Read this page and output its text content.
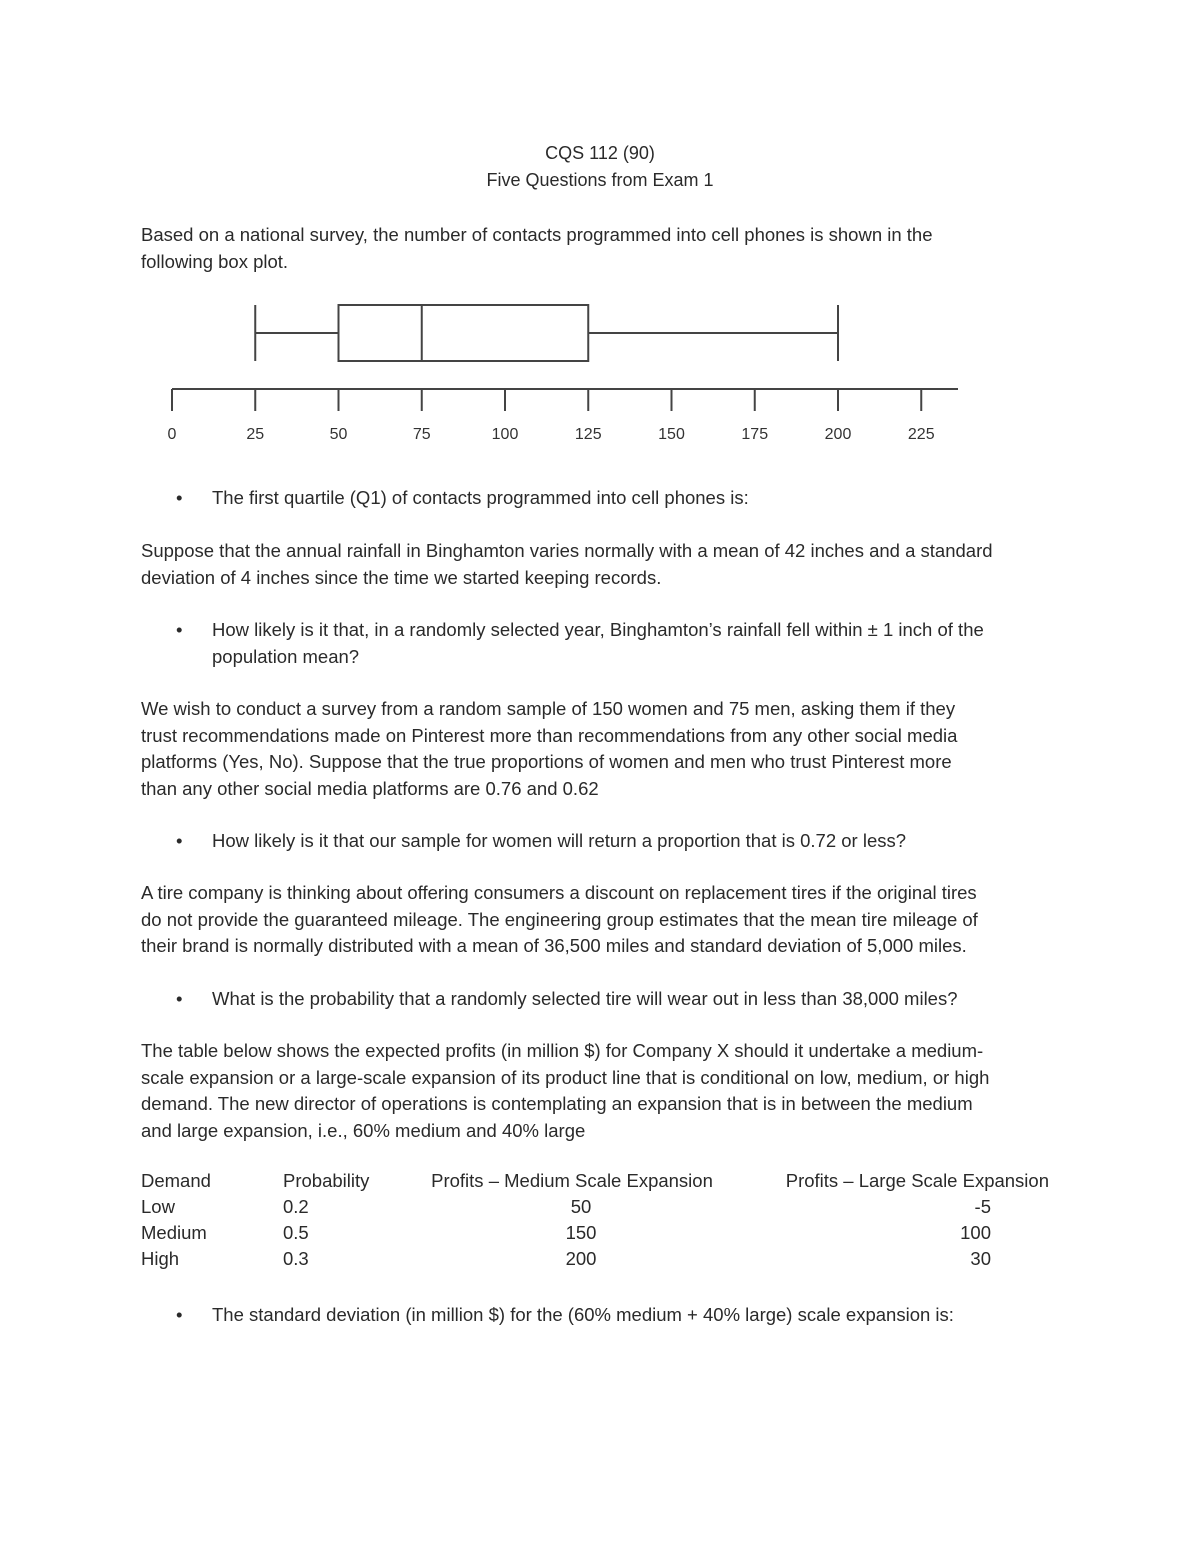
CQS 112 (90)
Five Questions from Exam 1
Based on a national survey, the number of contacts programmed into cell phones is shown in the
following box plot.
0	25	50	75	100	125	150	175	200	225
• The first quartile (Q1) of contacts programmed into cell phones is:
Suppose that the annual rainfall in Binghamton varies normally with a mean of 42 inches and a standard
deviation of 4 inches since the time we started keeping records.
• How likely is it that, in a randomly selected year, Binghamton’s rainfall fell within ± 1 inch of the
population mean?
We wish to conduct a survey from a random sample of 150 women and 75 men, asking them if they
trust recommendations made on Pinterest more than recommendations from any other social media
platforms (Yes, No). Suppose that the true proportions of women and men who trust Pinterest more
than any other social media platforms are 0.76 and 0.62
• How likely is it that our sample for women will return a proportion that is 0.72 or less?
A tire company is thinking about offering consumers a discount on replacement tires if the original tires
do not provide the guaranteed mileage. The engineering group estimates that the mean tire mileage of
their brand is normally distributed with a mean of 36,500 miles and standard deviation of 5,000 miles.
• What is the probability that a randomly selected tire will wear out in less than 38,000 miles?
The table below shows the expected profits (in million $) for Company X should it undertake a medium-
scale expansion or a large-scale expansion of its product line that is conditional on low, medium, or high
demand. The new director of operations is contemplating an expansion that is in between the medium
and large expansion, i.e., 60% medium and 40% large
Demand	Probability	Profits – Medium Scale Expansion	Profits – Large Scale Expansion
Low	0.2	50	-5
Medium	0.5	150	100
High	0.3	200	30
• The standard deviation (in million $) for the (60% medium + 40% large) scale expansion is:
